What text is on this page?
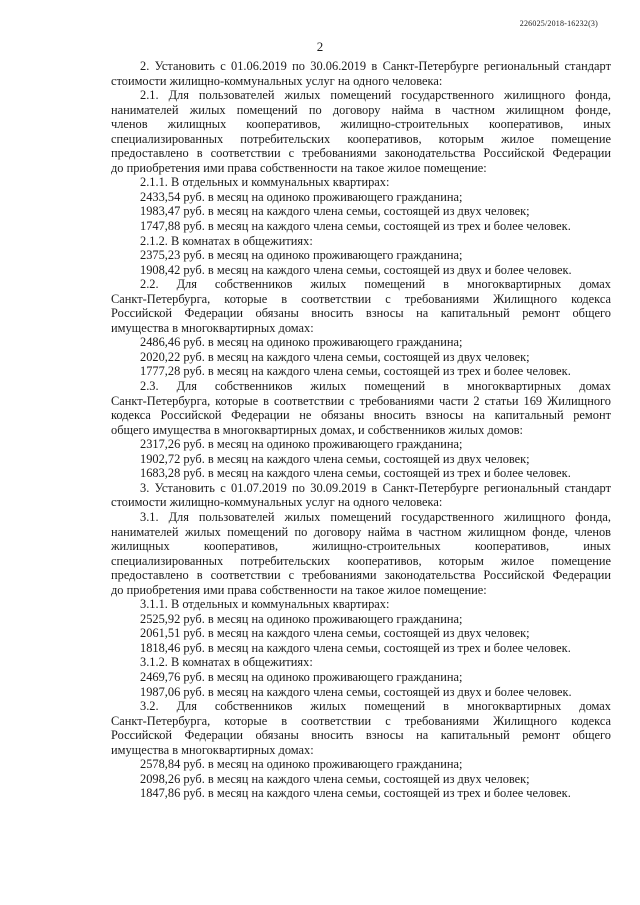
226025/2018-16232(3)
2

2. Установить с 01.06.2019 по 30.06.2019 в Санкт-Петербурге региональный стандарт

стоимости жилищно-коммунальных услуг на одного человека:

2.1. Для пользователей жилых помещений государственного жилищного фонда,

нанимателей жилых помещений по договору найма в частном жилищном фонде,

членов жилищных кооперативов, жилищно-строительных кооперативов, иных

специализированных потребительских кооперативов, которым жилое помещение

предоставлено в соответствии с требованиями законодательства Российской Федерации

до приобретения ими права собственности на такое жилое помещение:

2.1.1. В отдельных и коммунальных квартирах:

2433,54 руб. в месяц на одиноко проживающего гражданина;

1983,47 руб. в месяц на каждого члена семьи, состоящей из двух человек;

1747,88 руб. в месяц на каждого члена семьи, состоящей из трех и более человек.

2.1.2. В комнатах в общежитиях:

2375,23 руб. в месяц на одиноко проживающего гражданина;

1908,42 руб. в месяц на каждого члена семьи, состоящей из двух и более человек.

2.2. Для собственников жилых помещений в многоквартирных домах

Санкт-Петербурга, которые в соответствии с требованиями Жилищного кодекса

Российской Федерации обязаны вносить взносы на капитальный ремонт общего

имущества в многоквартирных домах:

2486,46 руб. в месяц на одиноко проживающего гражданина;

2020,22 руб. в месяц на каждого члена семьи, состоящей из двух человек;

1777,28 руб. в месяц на каждого члена семьи, состоящей из трех и более человек.

2.3. Для собственников жилых помещений в многоквартирных домах

Санкт-Петербурга, которые в соответствии с требованиями части 2 статьи 169 Жилищного

кодекса Российской Федерации не обязаны вносить взносы на капитальный ремонт

общего имущества в многоквартирных домах, и собственников жилых домов:

2317,26 руб. в месяц на одиноко проживающего гражданина;

1902,72 руб. в месяц на каждого члена семьи, состоящей из двух человек;

1683,28 руб. в месяц на каждого члена семьи, состоящей из трех и более человек.

3. Установить с 01.07.2019 по 30.09.2019 в Санкт-Петербурге региональный стандарт

стоимости жилищно-коммунальных услуг на одного человека:

3.1. Для пользователей жилых помещений государственного жилищного фонда,

нанимателей жилых помещений по договору найма в частном жилищном фонде, членов

жилищных кооперативов, жилищно-строительных кооперативов, иных

специализированных потребительских кооперативов, которым жилое помещение

предоставлено в соответствии с требованиями законодательства Российской Федерации

до приобретения ими права собственности на такое жилое помещение:

3.1.1. В отдельных и коммунальных квартирах:

2525,92 руб. в месяц на одиноко проживающего гражданина;

2061,51 руб. в месяц на каждого члена семьи, состоящей из двух человек;

1818,46 руб. в месяц на каждого члена семьи, состоящей из трех и более человек.

3.1.2. В комнатах в общежитиях:

2469,76 руб. в месяц на одиноко проживающего гражданина;

1987,06 руб. в месяц на каждого члена семьи, состоящей из двух и более человек.

3.2. Для собственников жилых помещений в многоквартирных домах

Санкт-Петербурга, которые в соответствии с требованиями Жилищного кодекса

Российской Федерации обязаны вносить взносы на капитальный ремонт общего

имущества в многоквартирных домах:

2578,84 руб. в месяц на одиноко проживающего гражданина;

2098,26 руб. в месяц на каждого члена семьи, состоящей из двух человек;

1847,86 руб. в месяц на каждого члена семьи, состоящей из трех и более человек.
